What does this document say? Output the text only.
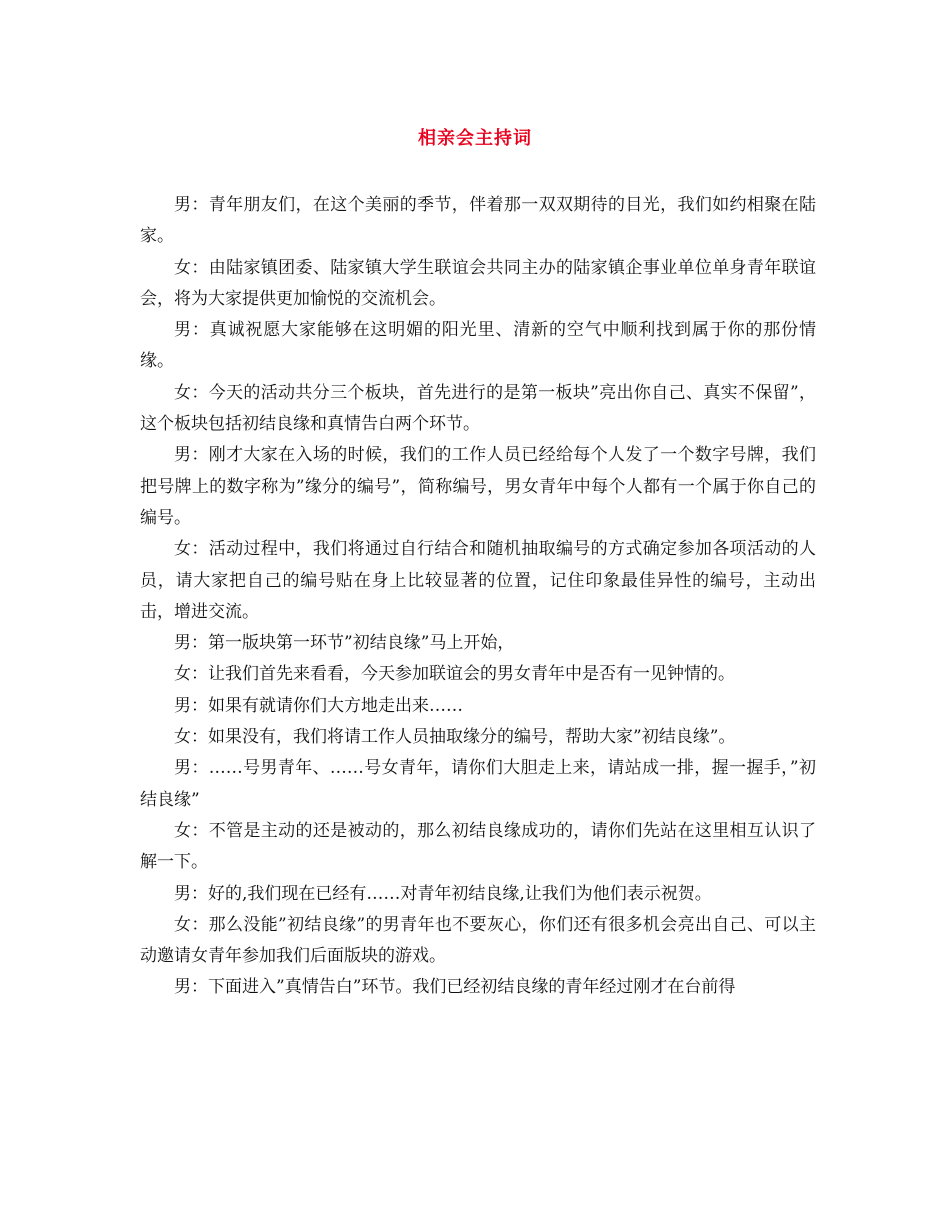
相亲会主持词

男：青年朋友们，在这个美丽的季节，伴着那一双双期待的目光，我们如约相聚在陆家。

女：由陆家镇团委、陆家镇大学生联谊会共同主办的陆家镇企事业单位单身青年联谊会，将为大家提供更加愉悦的交流机会。

男：真诚祝愿大家能够在这明媚的阳光里、清新的空气中顺利找到属于你的那份情缘。

女：今天的活动共分三个板块，首先进行的是第一板块”亮出你自己、真实不保留”，这个板块包括初结良缘和真情告白两个环节。

男：刚才大家在入场的时候，我们的工作人员已经给每个人发了一个数字号牌，我们把号牌上的数字称为”缘分的编号”，简称编号，男女青年中每个人都有一个属于你自己的编号。

女：活动过程中，我们将通过自行结合和随机抽取编号的方式确定参加各项活动的人员，请大家把自己的编号贴在身上比较显著的位置，记住印象最佳异性的编号，主动出击，增进交流。

男：第一版块第一环节”初结良缘”马上开始，

女：让我们首先来看看，今天参加联谊会的男女青年中是否有一见钟情的。

男：如果有就请你们大方地走出来……

女：如果没有，我们将请工作人员抽取缘分的编号，帮助大家”初结良缘”。

男：……号男青年、……号女青年，请你们大胆走上来，请站成一排，握一握手，”初结良缘”

女：不管是主动的还是被动的，那么初结良缘成功的，请你们先站在这里相互认识了解一下。

男：好的,我们现在已经有……对青年初结良缘,让我们为他们表示祝贺。

女：那么没能”初结良缘”的男青年也不要灰心，你们还有很多机会亮出自己、可以主动邀请女青年参加我们后面版块的游戏。

男：下面进入”真情告白”环节。我们已经初结良缘的青年经过刚才在台前得
